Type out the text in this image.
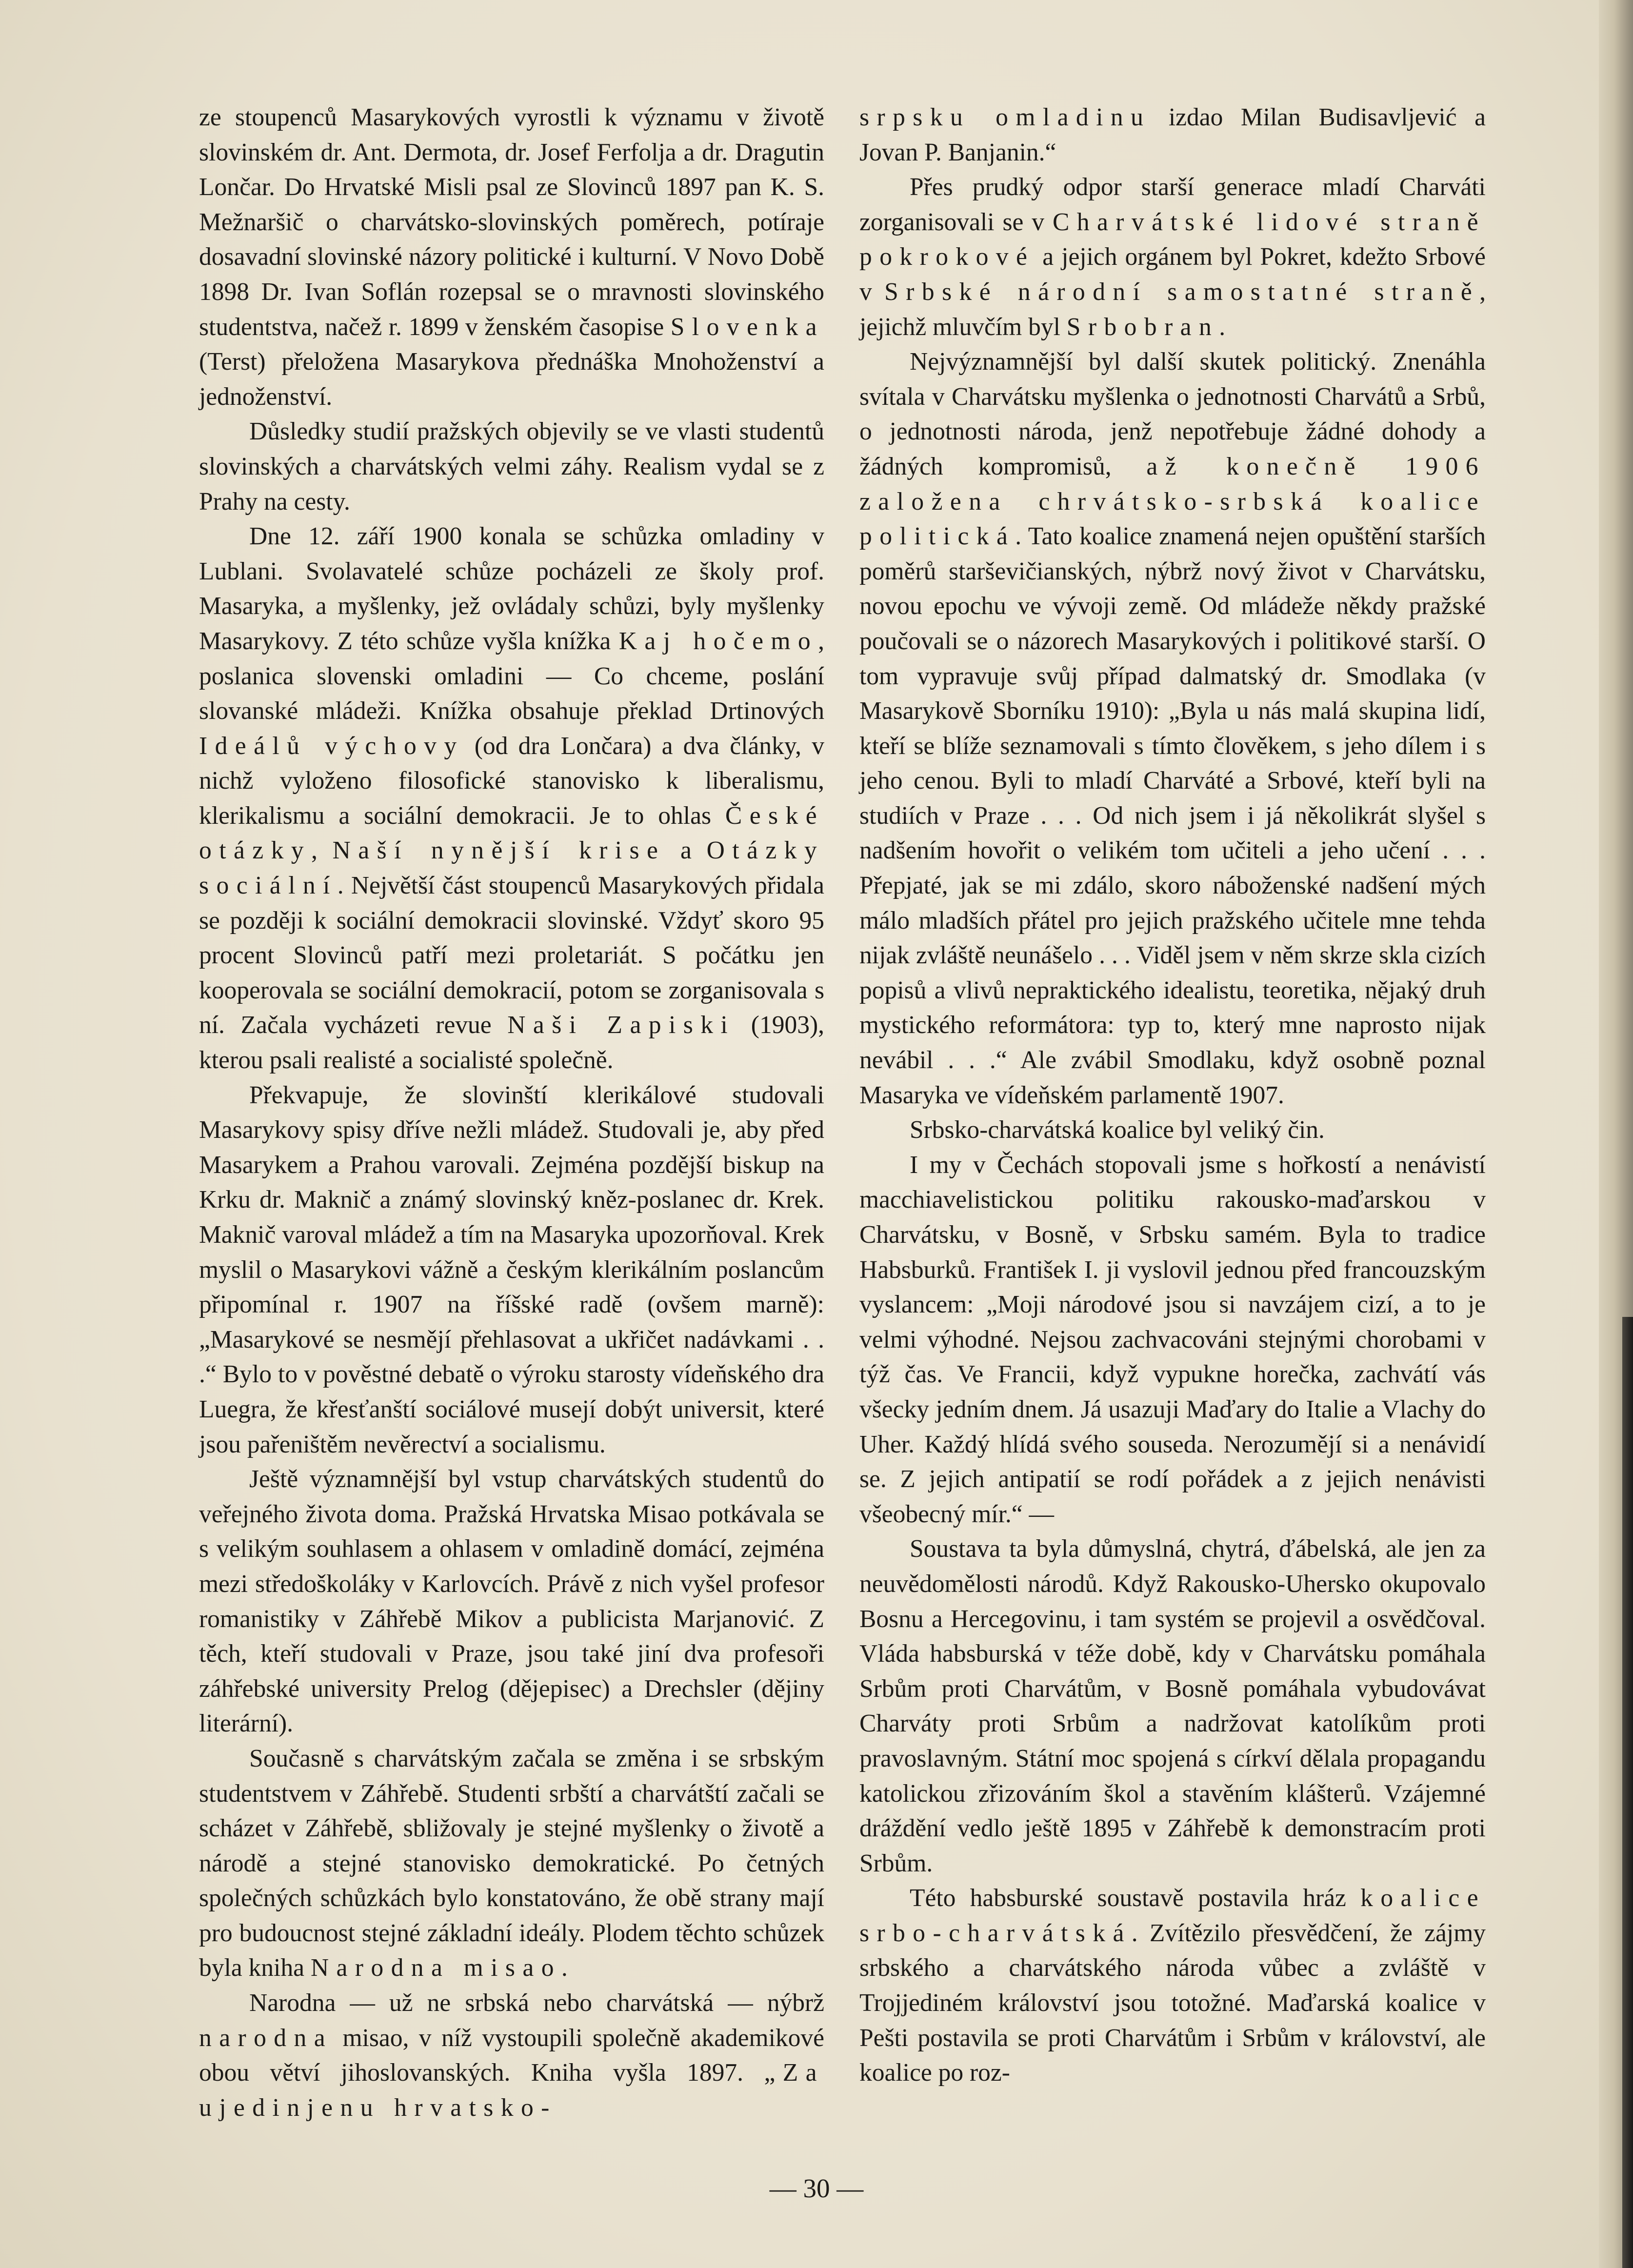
ze stoupenců Masarykových vyrostli k významu v životě slovinském dr. Ant. Dermota, dr. Josef Ferfolja a dr. Dragutin Lončar. Do Hrvatské Misli psal ze Slovinců 1897 pan K. S. Mežnaršič o charvátsko-slovinských poměrech, potíraje dosavadní slovinské názory politické i kulturní. V Novo Době 1898 Dr. Ivan Soflán rozepsal se o mravnosti slovinského studentstva, načež r. 1899 v ženském časopise Slovenka (Terst) přeložena Masarykova přednáška Mnohoženství a jednoženství.

Důsledky studií pražských objevily se ve vlasti studentů slovinských a charvátských velmi záhy. Realism vydal se z Prahy na cesty.

Dne 12. září 1900 konala se schůzka omladiny v Lublani. Svolavatelé schůze pocházeli ze školy prof. Masaryka, a myšlenky, jež ovládaly schůzi, byly myšlenky Masarykovy. Z této schůze vyšla knížka Kaj hočemo, poslanica slovenski omladini — Co chceme, poslání slovanské mládeži. Knížka obsahuje překlad Drtinových Ideálů výchovy (od dra Lončara) a dva články, v nichž vyloženo filosofické stanovisko k liberalismu, klerikalismu a sociální demokracii. Je to ohlas České otázky, Naší nynější krise a Otázky sociální. Největší část stoupenců Masarykových přidala se později k sociální demokracii slovinské. Vždyť skoro 95 procent Slovinců patří mezi proletariát. S počátku jen kooperovala se sociální demokracií, potom se zorganisovala s ní. Začala vycházeti revue Naši Zapiski (1903), kterou psali realisté a socialisté společně.

Překvapuje, že slovinští klerikálové studovali Masarykovy spisy dříve nežli mládež. Studovali je, aby před Masarykem a Prahou varovali. Zejména pozdější biskup na Krku dr. Maknič a známý slovinský kněz-poslanec dr. Krek. Maknič varoval mládež a tím na Masaryka upozorňoval. Krek myslil o Masarykovi vážně a českým klerikálním poslancům připomínal r. 1907 na říšské radě (ovšem marně): „Masarykové se nesmějí přehlasovat a ukřičet nadávkami . . .“ Bylo to v pověstné debatě o výroku starosty vídeňského dra Luegra, že křesťanští sociálové musejí dobýt universit, které jsou pařeništěm nevěrectví a socialismu.

Ještě významnější byl vstup charvátských studentů do veřejného života doma. Pražská Hrvatska Misao potkávala se s velikým souhlasem a ohlasem v omladině domácí, zejména mezi středoškoláky v Karlovcích. Právě z nich vyšel profesor romanistiky v Záhřebě Mikov a publicista Marjanović. Z těch, kteří studovali v Praze, jsou také jiní dva profesoři záhřebské university Prelog (dějepisec) a Drechsler (dějiny literární).

Současně s charvátským začala se změna i se srbským studentstvem v Záhřebě. Studenti srbští a charvátští začali se scházet v Záhřebě, sbližovaly je stejné myšlenky o životě a národě a stejné stanovisko demokratické. Po četných společných schůzkách bylo konstatováno, že obě strany mají pro budoucnost stejné základní ideály. Plodem těchto schůzek byla kniha Narodna misao.

Narodna — už ne srbská nebo charvátská — nýbrž narodna misao, v níž vystoupili společně akademikové obou větví jihoslovanských. Kniha vyšla 1897. „Za ujedinjenu hrvatsko-

srpsku omladinu izdao Milan Budisavljević a Jovan P. Banjanin.“

Přes prudký odpor starší generace mladí Charváti zorganisovali se v Charvátské lidové straně pokrokové a jejich orgánem byl Pokret, kdežto Srbové v Srbské národní samostatné straně, jejichž mluvčím byl Srbobran.

Nejvýznamnější byl další skutek politický. Znenáhla svítala v Charvátsku myšlenka o jednotnosti Charvátů a Srbů, o jednotnosti národa, jenž nepotřebuje žádné dohody a žádných kompromisů, až konečně 1906 založena chrvátsko-srbská koalice politická. Tato koalice znamená nejen opuštění starších poměrů starševičianských, nýbrž nový život v Charvátsku, novou epochu ve vývoji země. Od mládeže někdy pražské poučovali se o názorech Masarykových i politikové starší. O tom vypravuje svůj případ dalmatský dr. Smodlaka (v Masarykově Sborníku 1910): „Byla u nás malá skupina lidí, kteří se blíže seznamovali s tímto člověkem, s jeho dílem i s jeho cenou. Byli to mladí Charváté a Srbové, kteří byli na studiích v Praze . . . Od nich jsem i já několikrát slyšel s nadšením hovořit o velikém tom učiteli a jeho učení . . . Přepjaté, jak se mi zdálo, skoro náboženské nadšení mých málo mladších přátel pro jejich pražského učitele mne tehda nijak zvláště neunášelo . . . Viděl jsem v něm skrze skla cizích popisů a vlivů nepraktického idealistu, teoretika, nějaký druh mystického reformátora: typ to, který mne naprosto nijak nevábil . . .“ Ale zvábil Smodlaku, když osobně poznal Masaryka ve vídeňském parlamentě 1907.

Srbsko-charvátská koalice byl veliký čin.

I my v Čechách stopovali jsme s hořkostí a nenávistí macchiavelistickou politiku rakousko-maďarskou v Charvátsku, v Bosně, v Srbsku samém. Byla to tradice Habsburků. František I. ji vyslovil jednou před francouzským vyslancem: „Moji národové jsou si navzájem cizí, a to je velmi výhodné. Nejsou zachvacováni stejnými chorobami v týž čas. Ve Francii, když vypukne horečka, zachvátí vás všecky jedním dnem. Já usazuji Maďary do Italie a Vlachy do Uher. Každý hlídá svého souseda. Nerozumějí si a nenávidí se. Z jejich antipatií se rodí pořádek a z jejich nenávisti všeobecný mír.“ —

Soustava ta byla důmyslná, chytrá, ďábelská, ale jen za neuvědomělosti národů. Když Rakousko-Uhersko okupovalo Bosnu a Hercegovinu, i tam systém se projevil a osvědčoval. Vláda habsburská v téže době, kdy v Charvátsku pomáhala Srbům proti Charvátům, v Bosně pomáhala vybudovávat Charváty proti Srbům a nadržovat katolíkům proti pravoslavným. Státní moc spojená s církví dělala propagandu katolickou zřizováním škol a stavěním klášterů. Vzájemné dráždění vedlo ještě 1895 v Záhřebě k demonstracím proti Srbům.

Této habsburské soustavě postavila hráz koalice srbo-charvátská. Zvítězilo přesvědčení, že zájmy srbského a charvátského národa vůbec a zvláště v Trojjediném království jsou totožné. Maďarská koalice v Pešti postavila se proti Charvátům i Srbům v království, ale koalice po roz-

— 30 —
